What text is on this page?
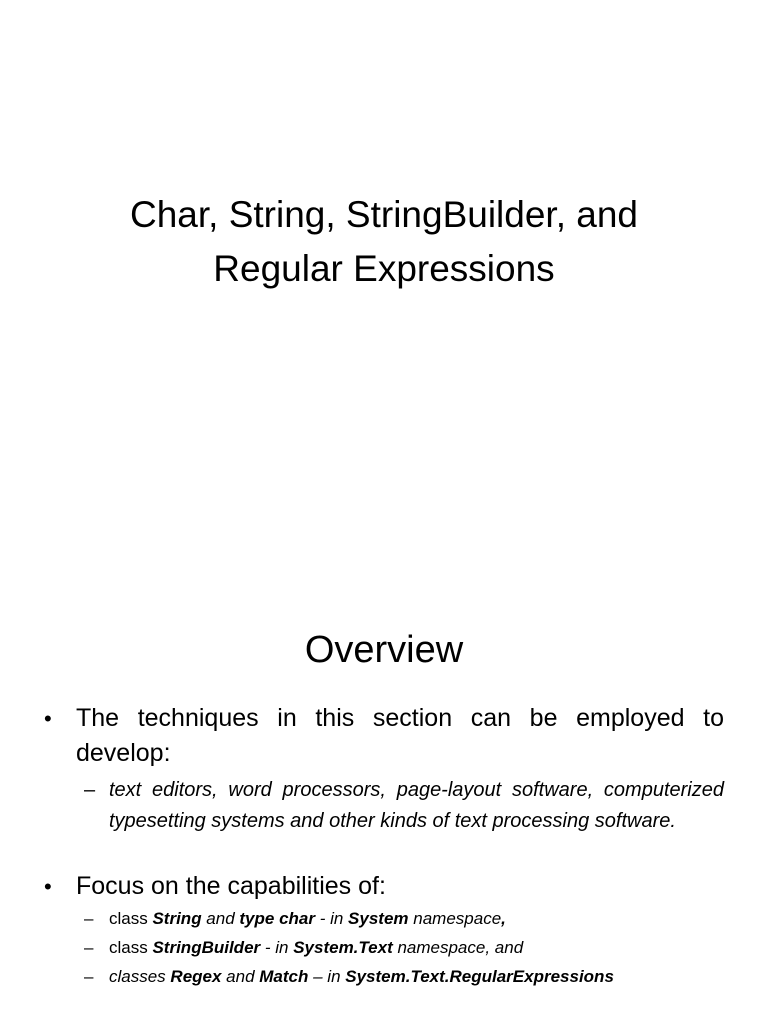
Char, String, StringBuilder, and
Regular Expressions
Overview
• The techniques in this section can be employed to develop:
– text editors, word processors, page-layout software, computerized typesetting systems and other kinds of text processing software.
• Focus on the capabilities of:
– class String and type char - in System namespace,
– class StringBuilder - in System.Text namespace, and
– classes Regex and Match – in System.Text.RegularExpressions
